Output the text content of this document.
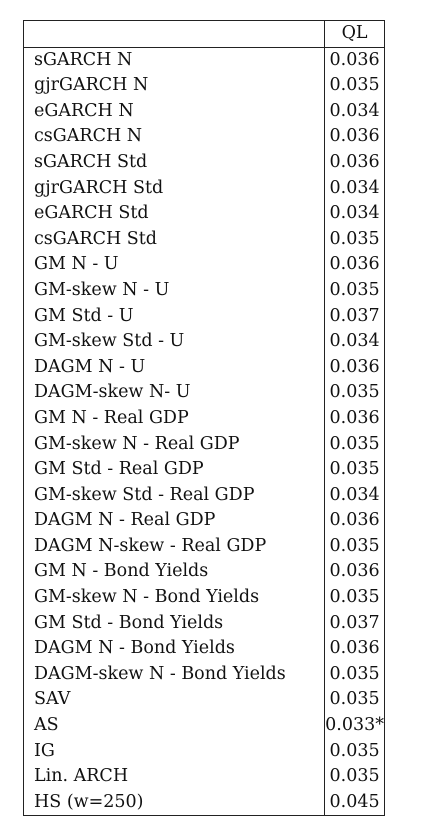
	QL
sGARCH N	0.036
gjrGARCH N	0.035
eGARCH N	0.034
csGARCH N	0.036
sGARCH Std	0.036
gjrGARCH Std	0.034
eGARCH Std	0.034
csGARCH Std	0.035
GM N - U	0.036
GM-skew N - U	0.035
GM Std - U	0.037
GM-skew Std - U	0.034
DAGM N - U	0.036
DAGM-skew N- U	0.035
GM N - Real GDP	0.036
GM-skew N - Real GDP	0.035
GM Std - Real GDP	0.035
GM-skew Std - Real GDP	0.034
DAGM N - Real GDP	0.036
DAGM N-skew - Real GDP	0.035
GM N - Bond Yields	0.036
GM-skew N - Bond Yields	0.035
GM Std - Bond Yields	0.037
DAGM N - Bond Yields	0.036
DAGM-skew N - Bond Yields	0.035
SAV	0.035
AS	0.033*
IG	0.035
Lin. ARCH	0.035
HS (w=250)	0.045
